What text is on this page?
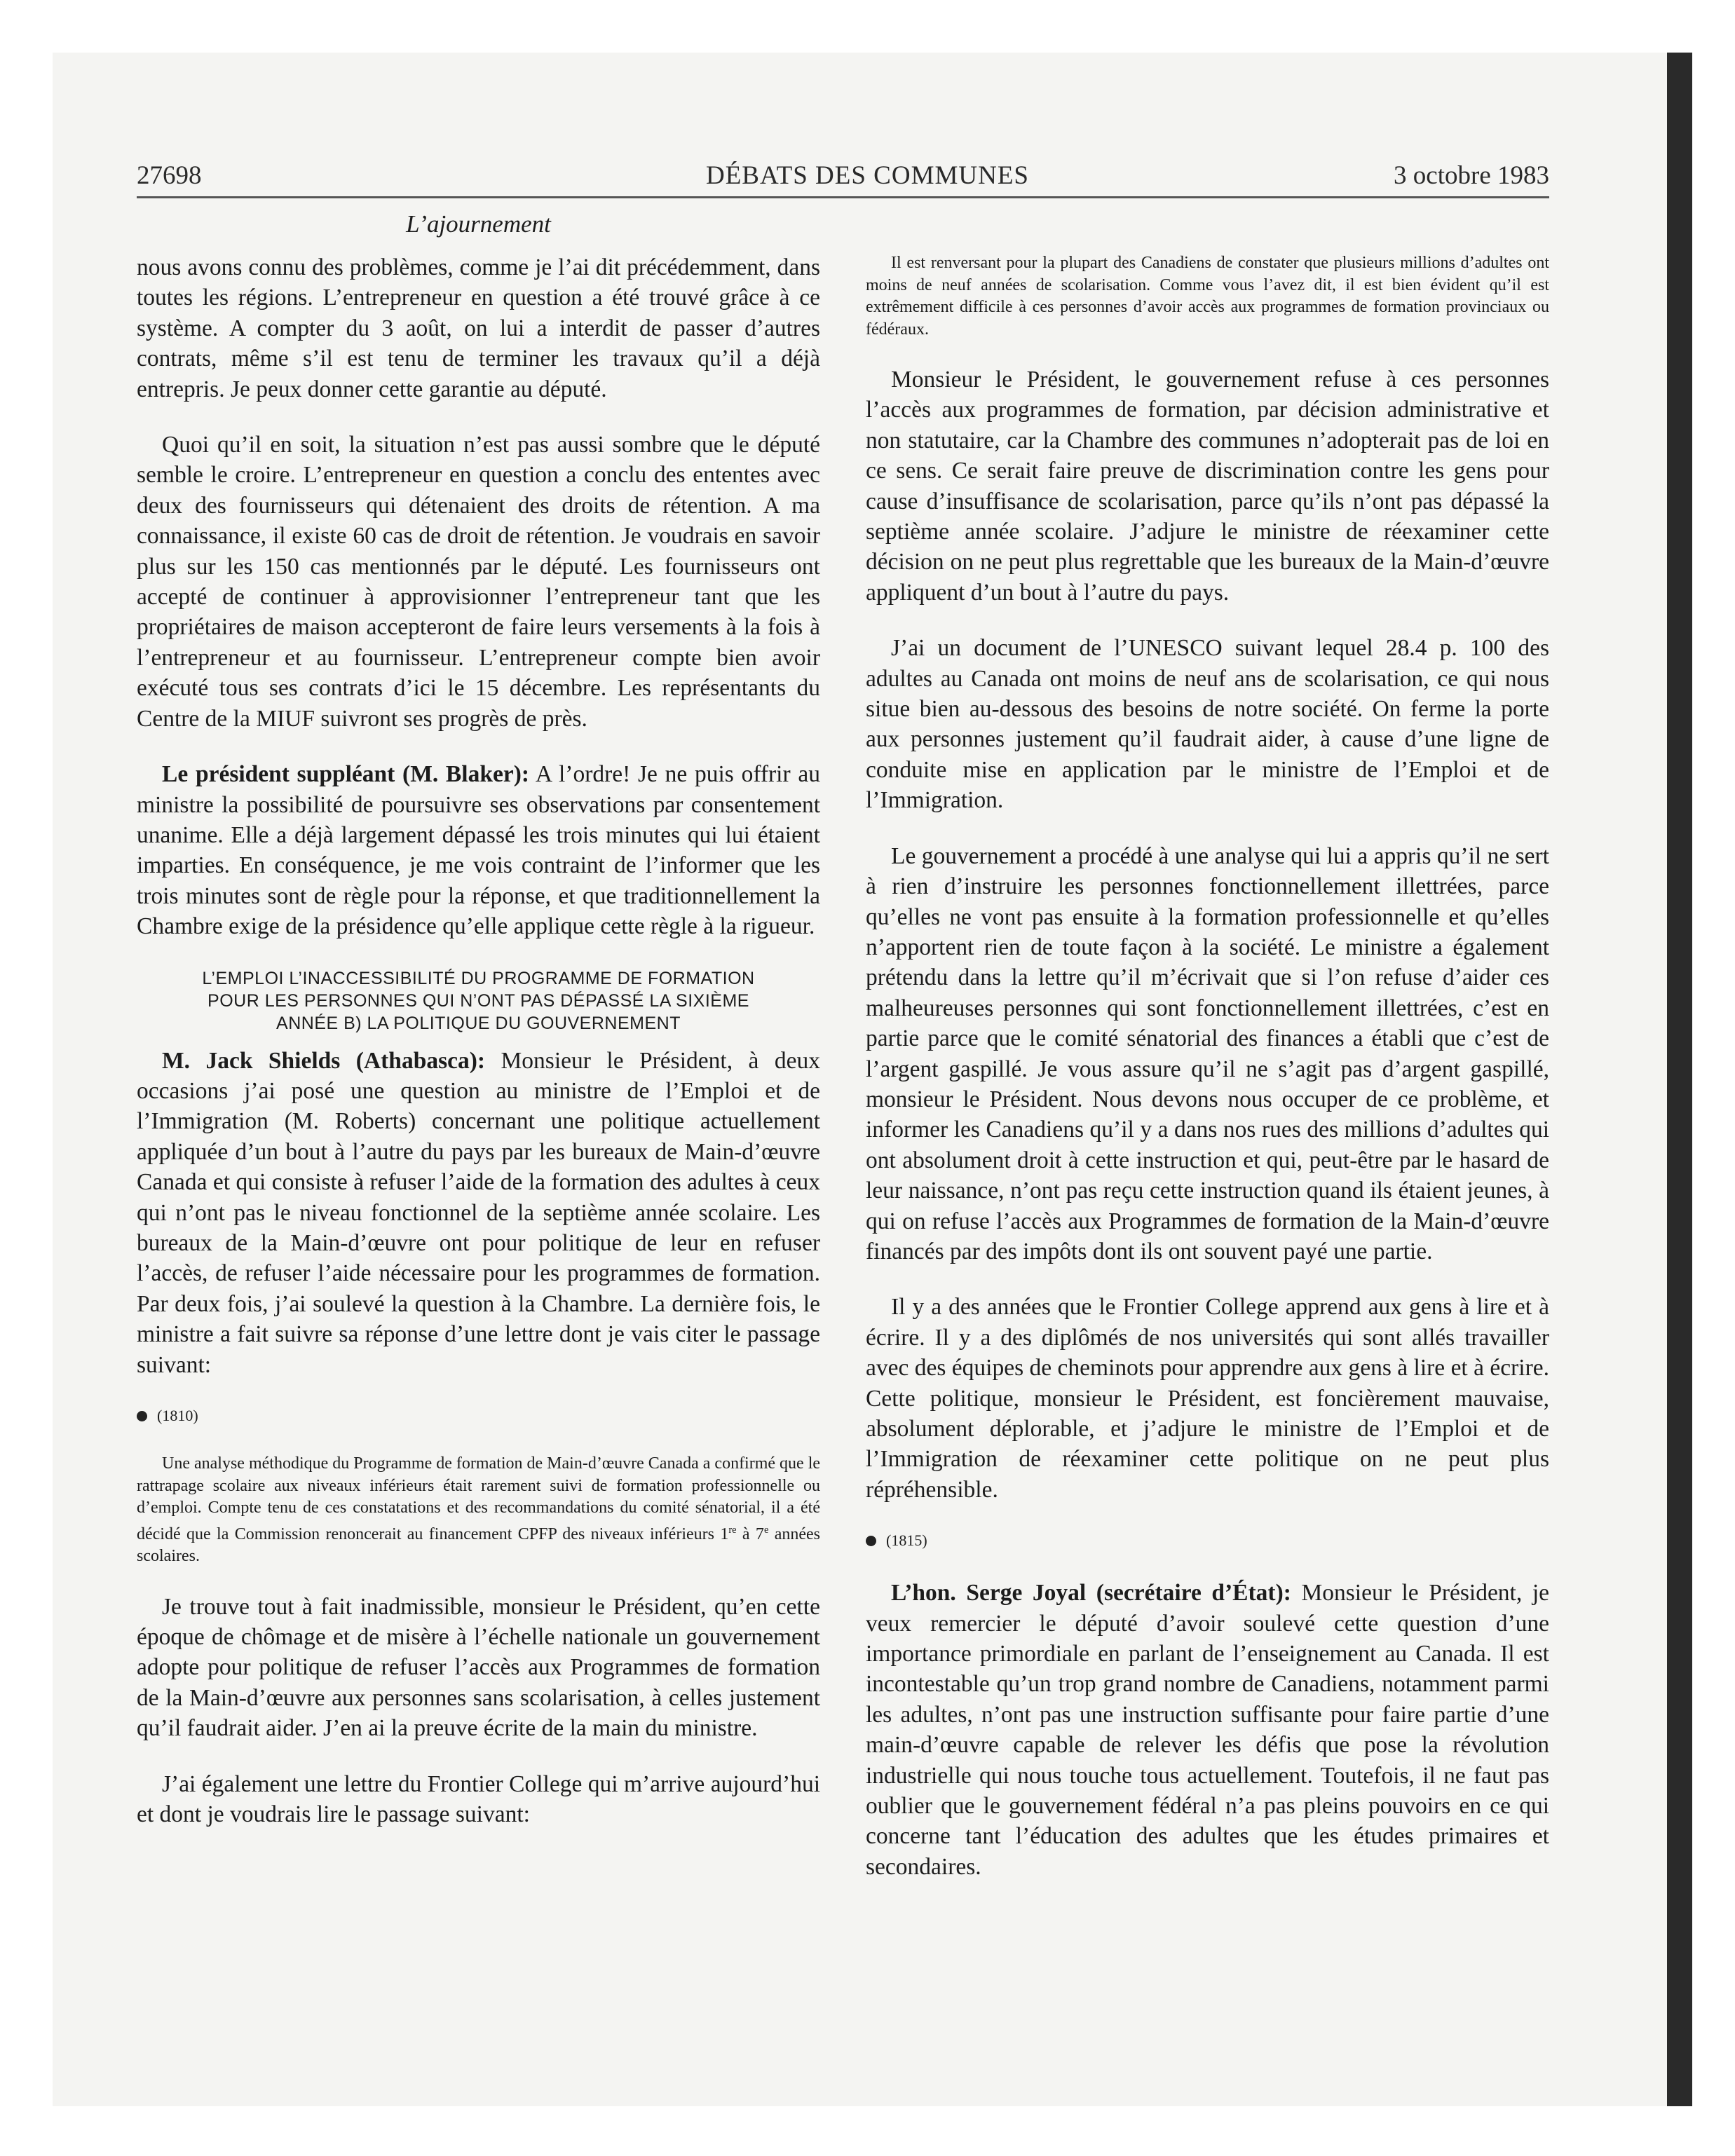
27698	DÉBATS DES COMMUNES	3 octobre 1983
L’ajournement

nous avons connu des problèmes, comme je l’ai dit précédemment, dans toutes les régions. L’entrepreneur en question a été trouvé grâce à ce système. A compter du 3 août, on lui a interdit de passer d’autres contrats, même s’il est tenu de terminer les travaux qu’il a déjà entrepris. Je peux donner cette garantie au député.

Quoi qu’il en soit, la situation n’est pas aussi sombre que le député semble le croire. L’entrepreneur en question a conclu des ententes avec deux des fournisseurs qui détenaient des droits de rétention. A ma connaissance, il existe 60 cas de droit de rétention. Je voudrais en savoir plus sur les 150 cas mentionnés par le député. Les fournisseurs ont accepté de continuer à approvisionner l’entrepreneur tant que les propriétaires de maison accepteront de faire leurs versements à la fois à l’entrepreneur et au fournisseur. L’entrepreneur compte bien avoir exécuté tous ses contrats d’ici le 15 décembre. Les représentants du Centre de la MIUF suivront ses progrès de près.

Le président suppléant (M. Blaker): A l’ordre! Je ne puis offrir au ministre la possibilité de poursuivre ses observations par consentement unanime. Elle a déjà largement dépassé les trois minutes qui lui étaient imparties. En conséquence, je me vois contraint de l’informer que les trois minutes sont de règle pour la réponse, et que traditionnellement la Chambre exige de la présidence qu’elle applique cette règle à la rigueur.

L’EMPLOI L’INACCESSIBILITÉ DU PROGRAMME DE FORMATION
POUR LES PERSONNES QUI N’ONT PAS DÉPASSÉ LA SIXIÈME
ANNÉE B) LA POLITIQUE DU GOUVERNEMENT

M. Jack Shields (Athabasca): Monsieur le Président, à deux occasions j’ai posé une question au ministre de l’Emploi et de l’Immigration (M. Roberts) concernant une politique actuellement appliquée d’un bout à l’autre du pays par les bureaux de Main-d’œuvre Canada et qui consiste à refuser l’aide de la formation des adultes à ceux qui n’ont pas le niveau fonctionnel de la septième année scolaire. Les bureaux de la Main-d’œuvre ont pour politique de leur en refuser l’accès, de refuser l’aide nécessaire pour les programmes de formation. Par deux fois, j’ai soulevé la question à la Chambre. La dernière fois, le ministre a fait suivre sa réponse d’une lettre dont je vais citer le passage suivant:

(1810)

Une analyse méthodique du Programme de formation de Main-d’œuvre Canada a confirmé que le rattrapage scolaire aux niveaux inférieurs était rarement suivi de formation professionnelle ou d’emploi. Compte tenu de ces constatations et des recommandations du comité sénatorial, il a été décidé que la Commission renoncerait au financement CPFP des niveaux inférieurs 1re à 7e années scolaires.

Je trouve tout à fait inadmissible, monsieur le Président, qu’en cette époque de chômage et de misère à l’échelle nationale un gouvernement adopte pour politique de refuser l’accès aux Programmes de formation de la Main-d’œuvre aux personnes sans scolarisation, à celles justement qu’il faudrait aider. J’en ai la preuve écrite de la main du ministre.

J’ai également une lettre du Frontier College qui m’arrive aujourd’hui et dont je voudrais lire le passage suivant:

Il est renversant pour la plupart des Canadiens de constater que plusieurs millions d’adultes ont moins de neuf années de scolarisation. Comme vous l’avez dit, il est bien évident qu’il est extrêmement difficile à ces personnes d’avoir accès aux programmes de formation provinciaux ou fédéraux.

Monsieur le Président, le gouvernement refuse à ces personnes l’accès aux programmes de formation, par décision administrative et non statutaire, car la Chambre des communes n’adopterait pas de loi en ce sens. Ce serait faire preuve de discrimination contre les gens pour cause d’insuffisance de scolarisation, parce qu’ils n’ont pas dépassé la septième année scolaire. J’adjure le ministre de réexaminer cette décision on ne peut plus regrettable que les bureaux de la Main-d’œuvre appliquent d’un bout à l’autre du pays.

J’ai un document de l’UNESCO suivant lequel 28.4 p. 100 des adultes au Canada ont moins de neuf ans de scolarisation, ce qui nous situe bien au-dessous des besoins de notre société. On ferme la porte aux personnes justement qu’il faudrait aider, à cause d’une ligne de conduite mise en application par le ministre de l’Emploi et de l’Immigration.

Le gouvernement a procédé à une analyse qui lui a appris qu’il ne sert à rien d’instruire les personnes fonctionnellement illettrées, parce qu’elles ne vont pas ensuite à la formation professionnelle et qu’elles n’apportent rien de toute façon à la société. Le ministre a également prétendu dans la lettre qu’il m’écrivait que si l’on refuse d’aider ces malheureuses personnes qui sont fonctionnellement illettrées, c’est en partie parce que le comité sénatorial des finances a établi que c’est de l’argent gaspillé. Je vous assure qu’il ne s’agit pas d’argent gaspillé, monsieur le Président. Nous devons nous occuper de ce problème, et informer les Canadiens qu’il y a dans nos rues des millions d’adultes qui ont absolument droit à cette instruction et qui, peut-être par le hasard de leur naissance, n’ont pas reçu cette instruction quand ils étaient jeunes, à qui on refuse l’accès aux Programmes de formation de la Main-d’œuvre financés par des impôts dont ils ont souvent payé une partie.

Il y a des années que le Frontier College apprend aux gens à lire et à écrire. Il y a des diplômés de nos universités qui sont allés travailler avec des équipes de cheminots pour apprendre aux gens à lire et à écrire. Cette politique, monsieur le Président, est foncièrement mauvaise, absolument déplorable, et j’adjure le ministre de l’Emploi et de l’Immigration de réexaminer cette politique on ne peut plus répréhensible.

(1815)

L’hon. Serge Joyal (secrétaire d’État): Monsieur le Président, je veux remercier le député d’avoir soulevé cette question d’une importance primordiale en parlant de l’enseignement au Canada. Il est incontestable qu’un trop grand nombre de Canadiens, notamment parmi les adultes, n’ont pas une instruction suffisante pour faire partie d’une main-d’œuvre capable de relever les défis que pose la révolution industrielle qui nous touche tous actuellement. Toutefois, il ne faut pas oublier que le gouvernement fédéral n’a pas pleins pouvoirs en ce qui concerne tant l’éducation des adultes que les études primaires et secondaires.
